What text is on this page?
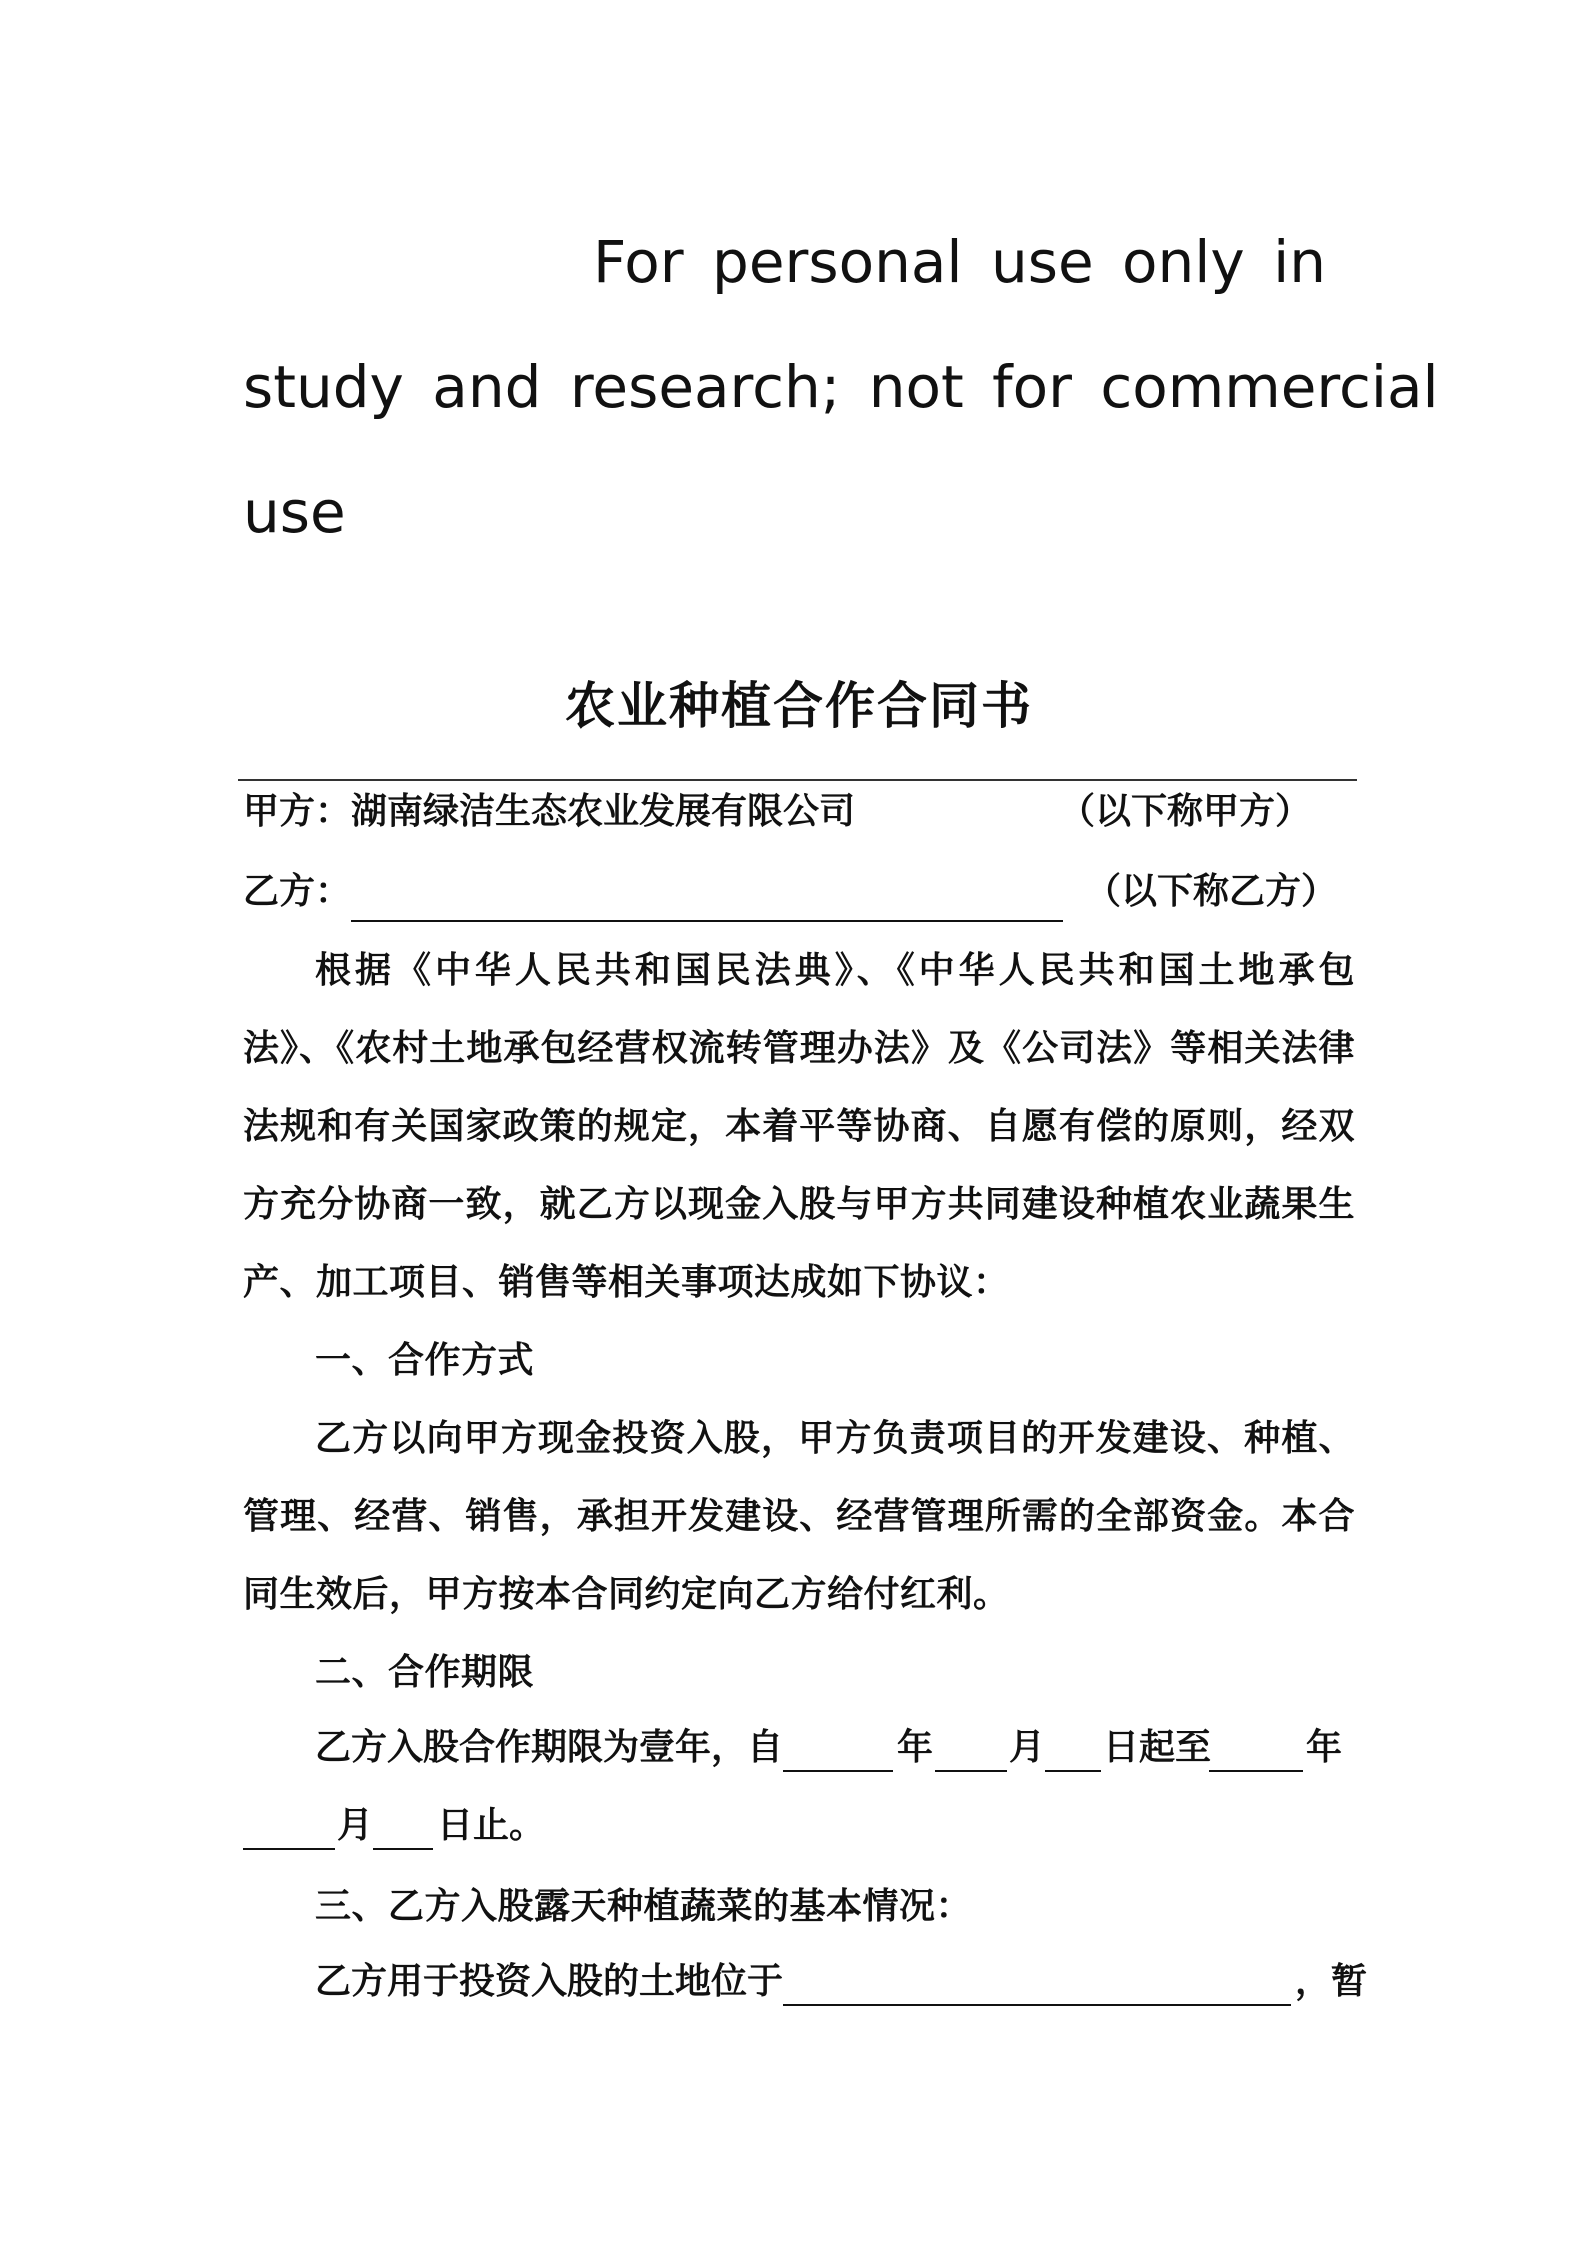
For personal use only in
study and research; not for commercial
use
农业种植合作合同书
甲方：湖南绿洁生态农业发展有限公司	（以下称甲方）
乙方：	（以下称乙方）

根据《中华人民共和国民法典》、《中华人民共和国土地承包法》、《农村土地承包经营权流转管理办法》及《公司法》等相关法律法规和有关国家政策的规定，本着平等协商、自愿有偿的原则，经双方充分协商一致，就乙方以现金入股与甲方共同建设种植农业蔬果生产、加工项目、销售等相关事项达成如下协议：

一、合作方式

乙方以向甲方现金投资入股，甲方负责项目的开发建设、种植、管理、经营、销售，承担开发建设、经营管理所需的全部资金。本合同生效后，甲方按本合同约定向乙方给付红利。

二、合作期限

乙方入股合作期限为壹年，自	年 月 日起至	年
月 日止。

三、乙方入股露天种植蔬菜的基本情况：

乙方用于投资入股的土地位于	，暂
